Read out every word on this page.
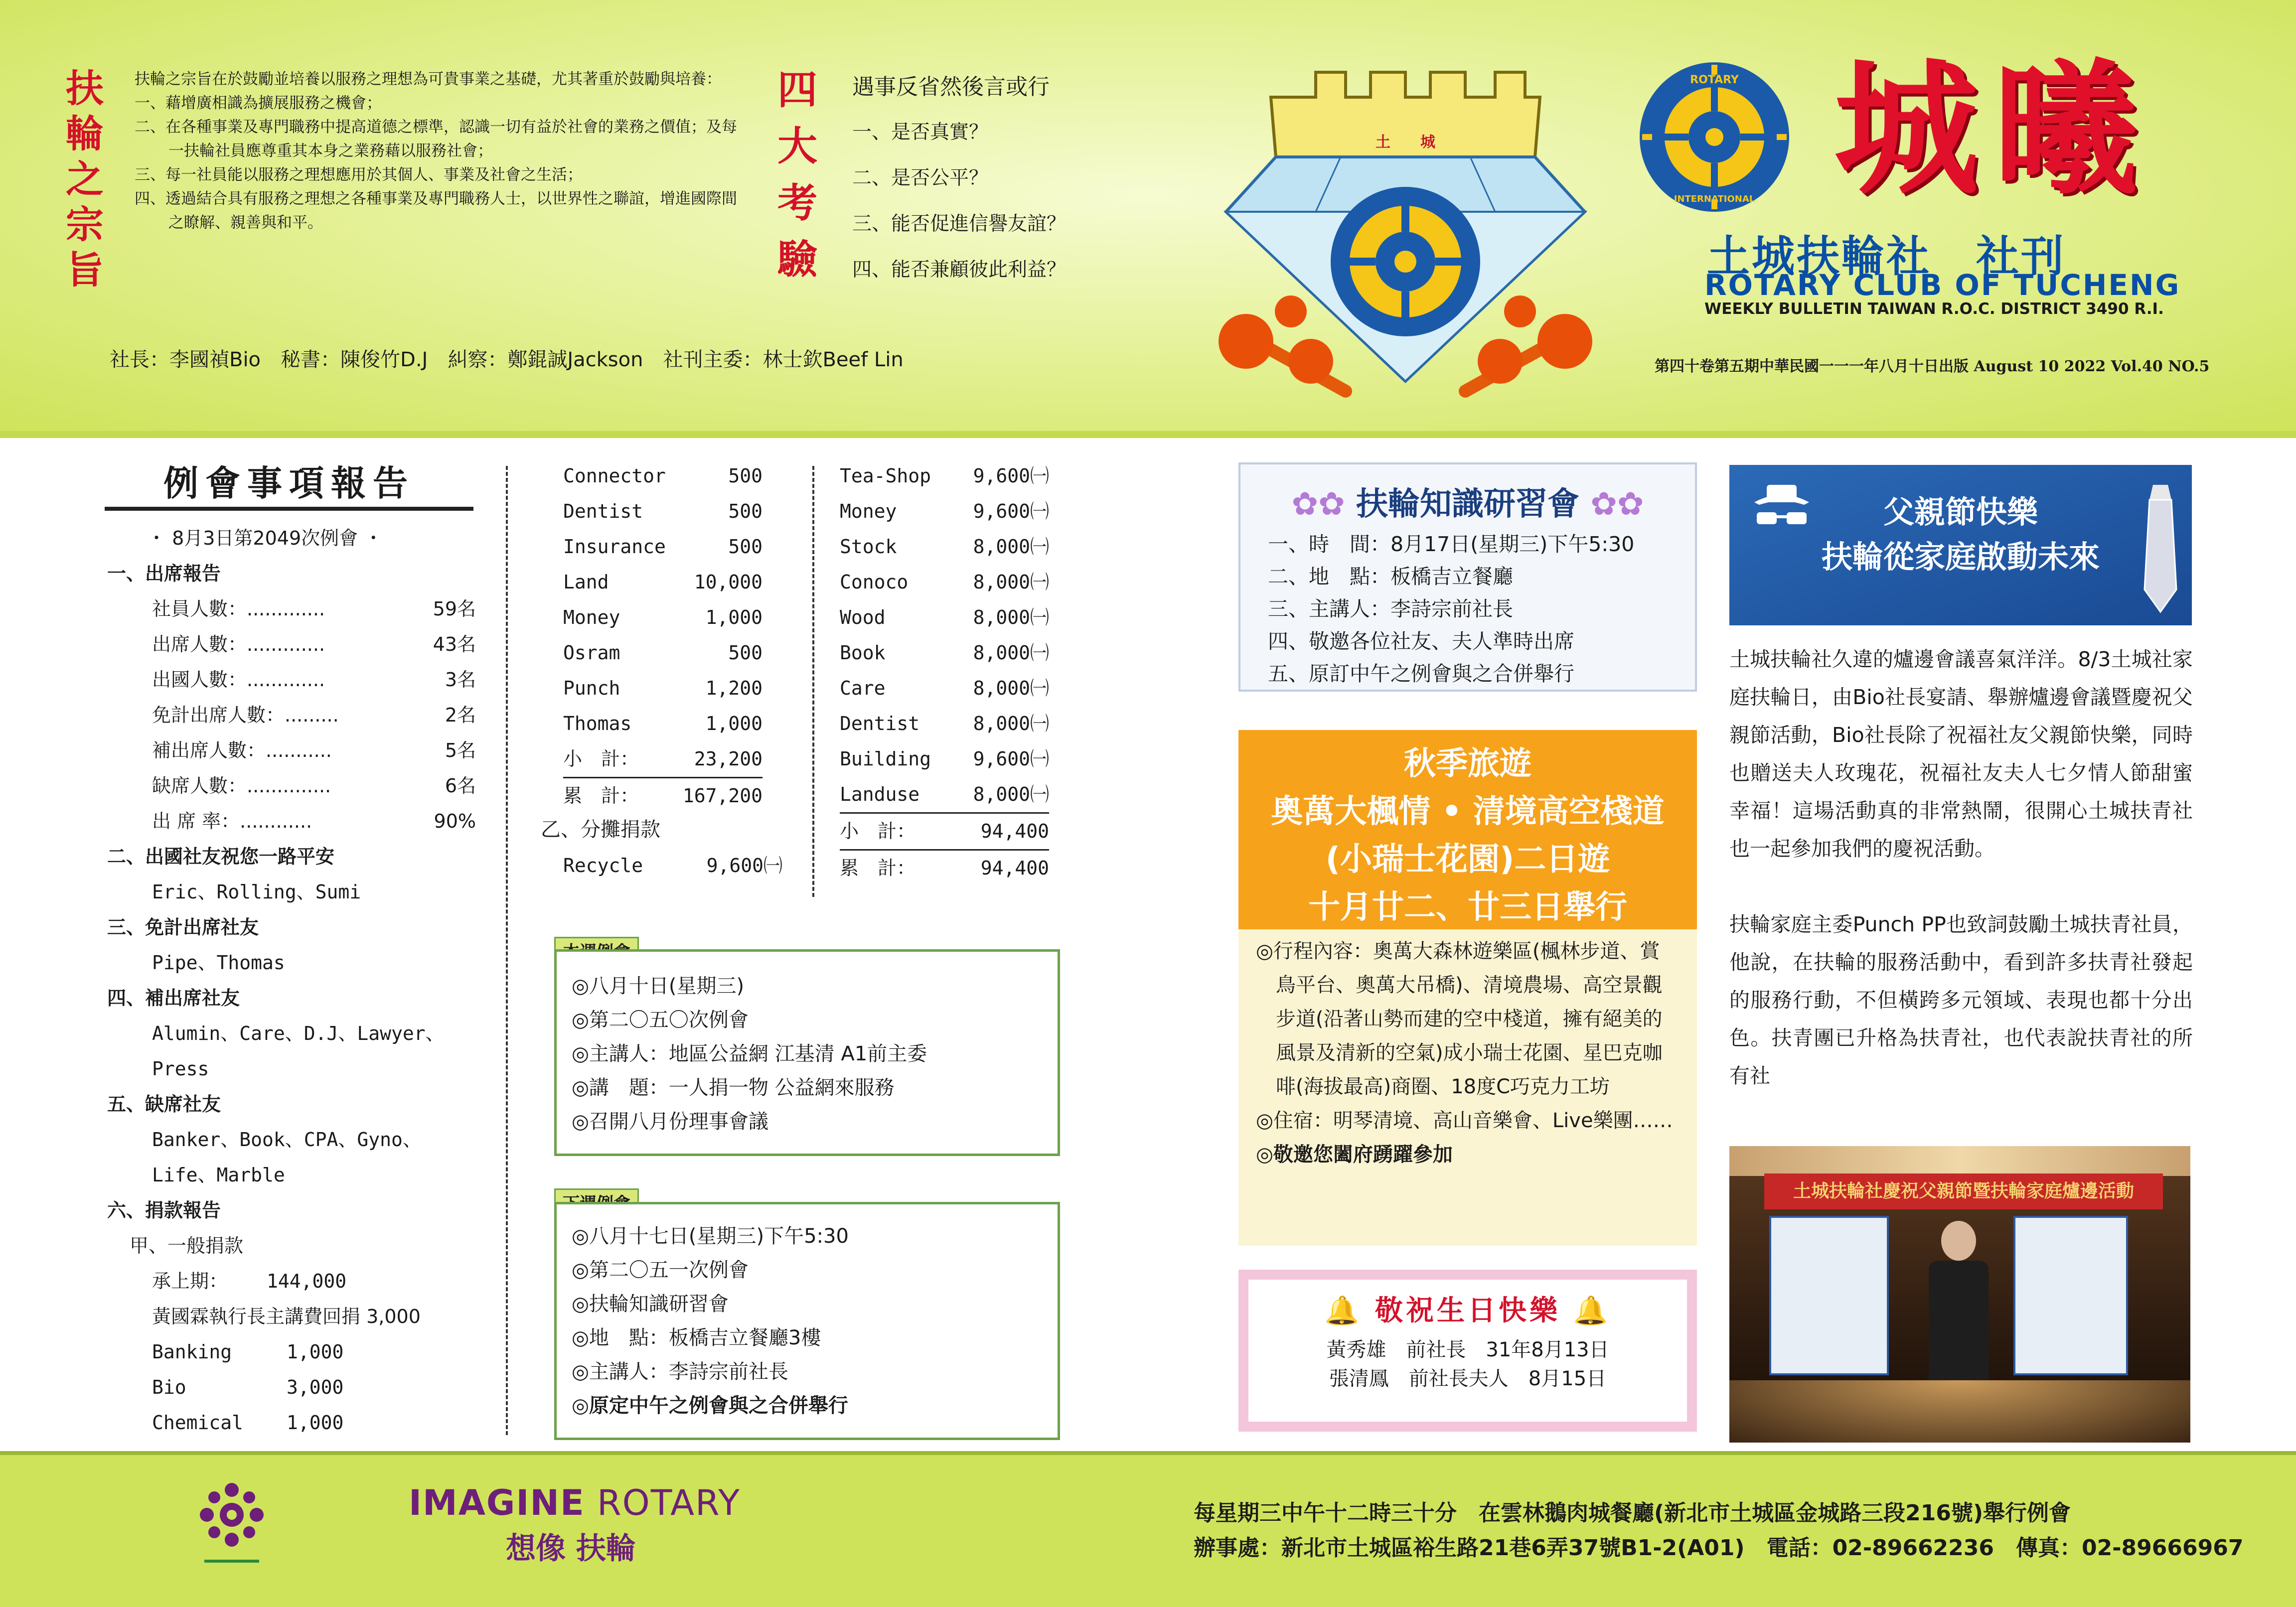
扶
輪
之
宗
旨
扶輪之宗旨在於鼓勵並培養以服務之理想為可貴事業之基礎，尤其著重於鼓勵與培養：
一、藉增廣相識為擴展服務之機會；
二、在各種事業及專門職務中提高道德之標準，認識一切有益於社會的業務之價值；及每一扶輪社員應尊重其本身之業務藉以服務社會；
三、每一社員能以服務之理想應用於其個人、事業及社會之生活；
四、透過結合具有服務之理想之各種事業及專門職務人士，以世界性之聯誼，增進國際間之瞭解、親善與和平。
四
大
考
驗
遇事反省然後言或行
一、是否真實？
二、是否公平？
三、能否促進信譽友誼？
四、能否兼顧彼此利益？
社長：李國禎Bio　秘書：陳俊竹D.J　糾察：鄭錕誠Jackson　社刊主委：林士欽Beef Lin
土　　城
ROTARY
INTERNATIONAL 城曦
土城扶輪社　社刊
ROTARY CLUB OF TUCHENG
WEEKLY BULLETIN TAIWAN R.O.C. DISTRICT 3490 R.I.
第四十卷第五期中華民國一一一年八月十日出版 August 10 2022 Vol.40 NO.5
例會事項報告
・ 8月3日第2049次例會 ・
一、出席報告
社員人數：.............	59名
出席人數：.............	43名
出國人數：.............	3名
免計出席人數：.........	2名
補出席人數：...........	5名
缺席人數：..............	6名
出 席 率：............	90%
二、出國社友祝您一路平安
Eric、Rolling、Sumi
三、免計出席社友
Pipe、Thomas
四、補出席社友
Alumin、Care、D.J、Lawyer、
Press
五、缺席社友
Banker、Book、CPA、Gyno、
Life、Marble
六、捐款報告
甲、一般捐款
承上期：	144,000
黃國霖執行長主講費回捐 3,000
Banking	1,000
Bio	3,000
Chemical	1,000
Connector	500
Dentist	500
Insurance	500
Land	10,000
Money	1,000
Osram	500
Punch	1,200
Thomas	1,000
小　計：	23,200
累　計： 167,200
乙、分攤捐款
Recycle	9,600㈠
Tea-Shop 9,600㈠
Money	9,600㈠
Stock	8,000㈠
Conoco	8,000㈠
Wood	8,000㈠
Book	8,000㈠
Care	8,000㈠
Dentist	8,000㈠
Building 9,600㈠
Landuse	8,000㈠
小　計：	94,400
累　計：	94,400
◎八月十日(星期三)
◎第二〇五〇次例會
◎主講人：地區公益網 江基清 A1前主委
◎講　題：一人捐一物 公益網來服務
◎召開八月份理事會議
◎八月十七日(星期三)下午5:30
◎第二〇五一次例會
◎扶輪知識研習會
◎地　點：板橋吉立餐廳3樓
◎主講人：李詩宗前社長
◎原定中午之例會與之合併舉行
✿✿ 扶輪知識研習會 ✿✿
一、時　間：8月17日(星期三)下午5:30
二、地　點：板橋吉立餐廳
三、主講人：李詩宗前社長
四、敬邀各位社友、夫人準時出席
五、原訂中午之例會與之合併舉行
秋季旅遊
奧萬大楓情 • 清境高空棧道
(小瑞士花園)二日遊
十月廿二、廿三日舉行
◎行程內容：奧萬大森林遊樂區(楓林步道、賞鳥平台、奧萬大吊橋)、清境農場、高空景觀步道(沿著山勢而建的空中棧道，擁有絕美的風景及清新的空氣)成小瑞士花園、星巴克咖啡(海拔最高)商圈、18度C巧克力工坊
◎住宿：明琴清境、高山音樂會、Live樂團……
◎敬邀您闔府踴躍參加
🔔 敬祝生日快樂 🔔
黃秀雄　前社長　31年8月13日
張清鳳　前社長夫人　8月15日
父親節快樂
扶輪從家庭啟動未來

土城扶輪社久違的爐邊會議喜氣洋洋。8/3土城社家庭扶輪日，由Bio社長宴請、舉辦爐邊會議暨慶祝父親節活動，Bio社長除了祝福社友父親節快樂，同時也贈送夫人玫瑰花，祝福社友夫人七夕情人節甜蜜幸福！這場活動真的非常熱鬧，很開心土城扶青社也一起參加我們的慶祝活動。

扶輪家庭主委Punch PP也致詞鼓勵土城扶青社員，他說，在扶輪的服務活動中，看到許多扶青社發起的服務行動，不但橫跨多元領域、表現也都十分出色。扶青團已升格為扶青社，也代表說扶青社的所有社

土城扶輪社慶祝父親節暨扶輪家庭爐邊活動
IMAGINE ROTARY
想像 扶輪
每星期三中午十二時三十分　在雲林鵝肉城餐廳(新北市土城區金城路三段216號)舉行例會
辦事處：新北市土城區裕生路21巷6弄37號B1-2(A01)　電話：02-89662236　傳真：02-89666967
